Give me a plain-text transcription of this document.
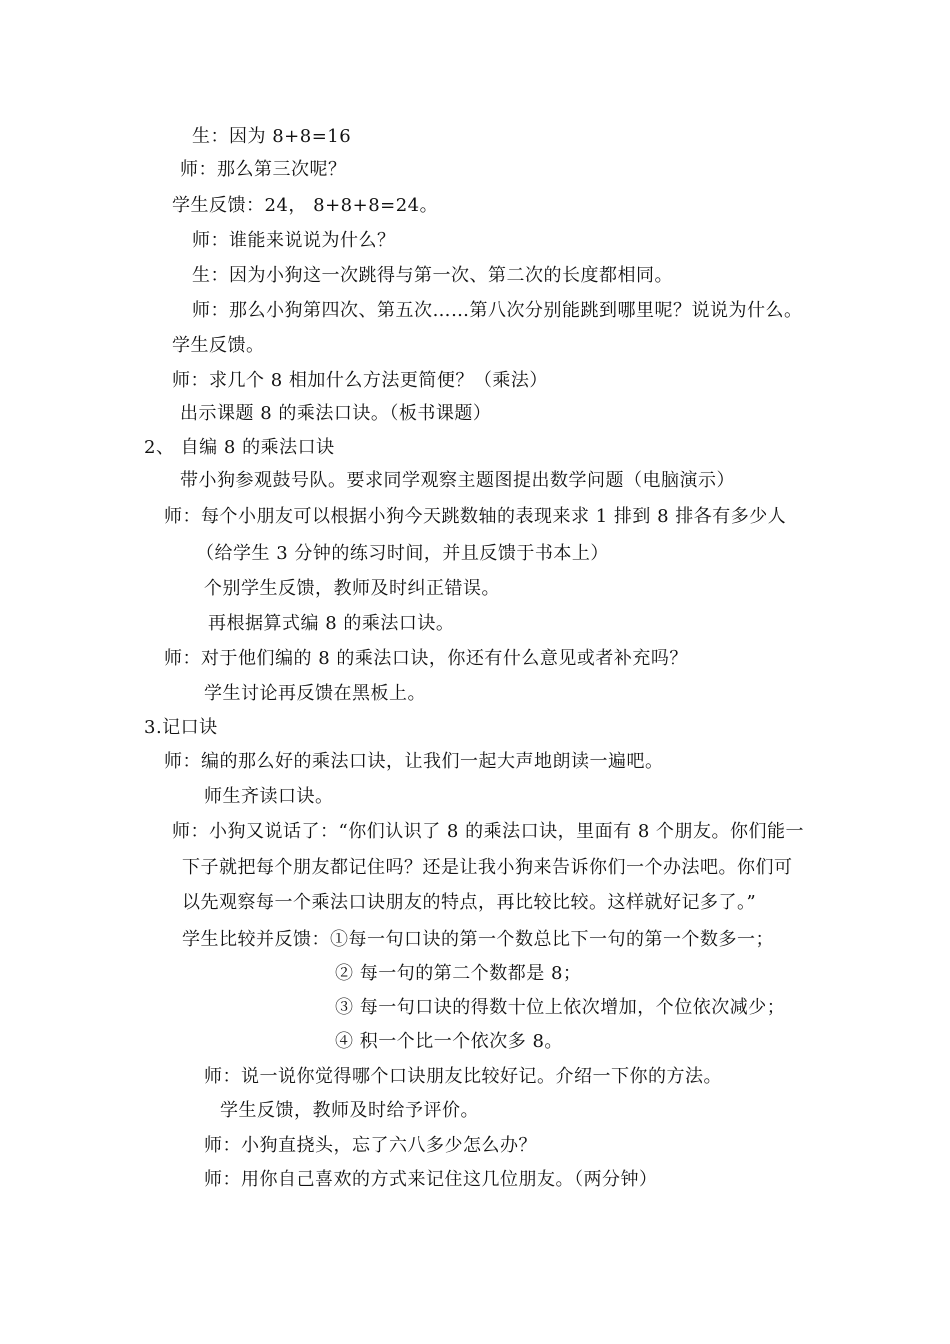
生：因为 8+8=16
师：那么第三次呢？
学生反馈：24， 8+8+8=24。
师：谁能来说说为什么？
生：因为小狗这一次跳得与第一次、第二次的长度都相同。
师：那么小狗第四次、第五次……第八次分别能跳到哪里呢？说说为什么。
学生反馈。
师：求几个 8 相加什么方法更简便？（乘法）
出示课题 8 的乘法口诀。（板书课题）
2、 自编 8 的乘法口诀
带小狗参观鼓号队。要求同学观察主题图提出数学问题（电脑演示）
师：每个小朋友可以根据小狗今天跳数轴的表现来求 1 排到 8 排各有多少人
（给学生 3 分钟的练习时间，并且反馈于书本上）
个别学生反馈，教师及时纠正错误。
再根据算式编 8 的乘法口诀。
师：对于他们编的 8 的乘法口诀，你还有什么意见或者补充吗？
学生讨论再反馈在黑板上。
3.记口诀
师：编的那么好的乘法口诀，让我们一起大声地朗读一遍吧。
师生齐读口诀。
师：小狗又说话了：“你们认识了 8 的乘法口诀，里面有 8 个朋友。你们能一
下子就把每个朋友都记住吗？还是让我小狗来告诉你们一个办法吧。你们可
以先观察每一个乘法口诀朋友的特点，再比较比较。这样就好记多了。”
学生比较并反馈：①每一句口诀的第一个数总比下一句的第一个数多一；
② 每一句的第二个数都是 8；
③ 每一句口诀的得数十位上依次增加，个位依次减少；
④ 积一个比一个依次多 8。
师：说一说你觉得哪个口诀朋友比较好记。介绍一下你的方法。
学生反馈，教师及时给予评价。
师：小狗直挠头，忘了六八多少怎么办？
师：用你自己喜欢的方式来记住这几位朋友。（两分钟）
